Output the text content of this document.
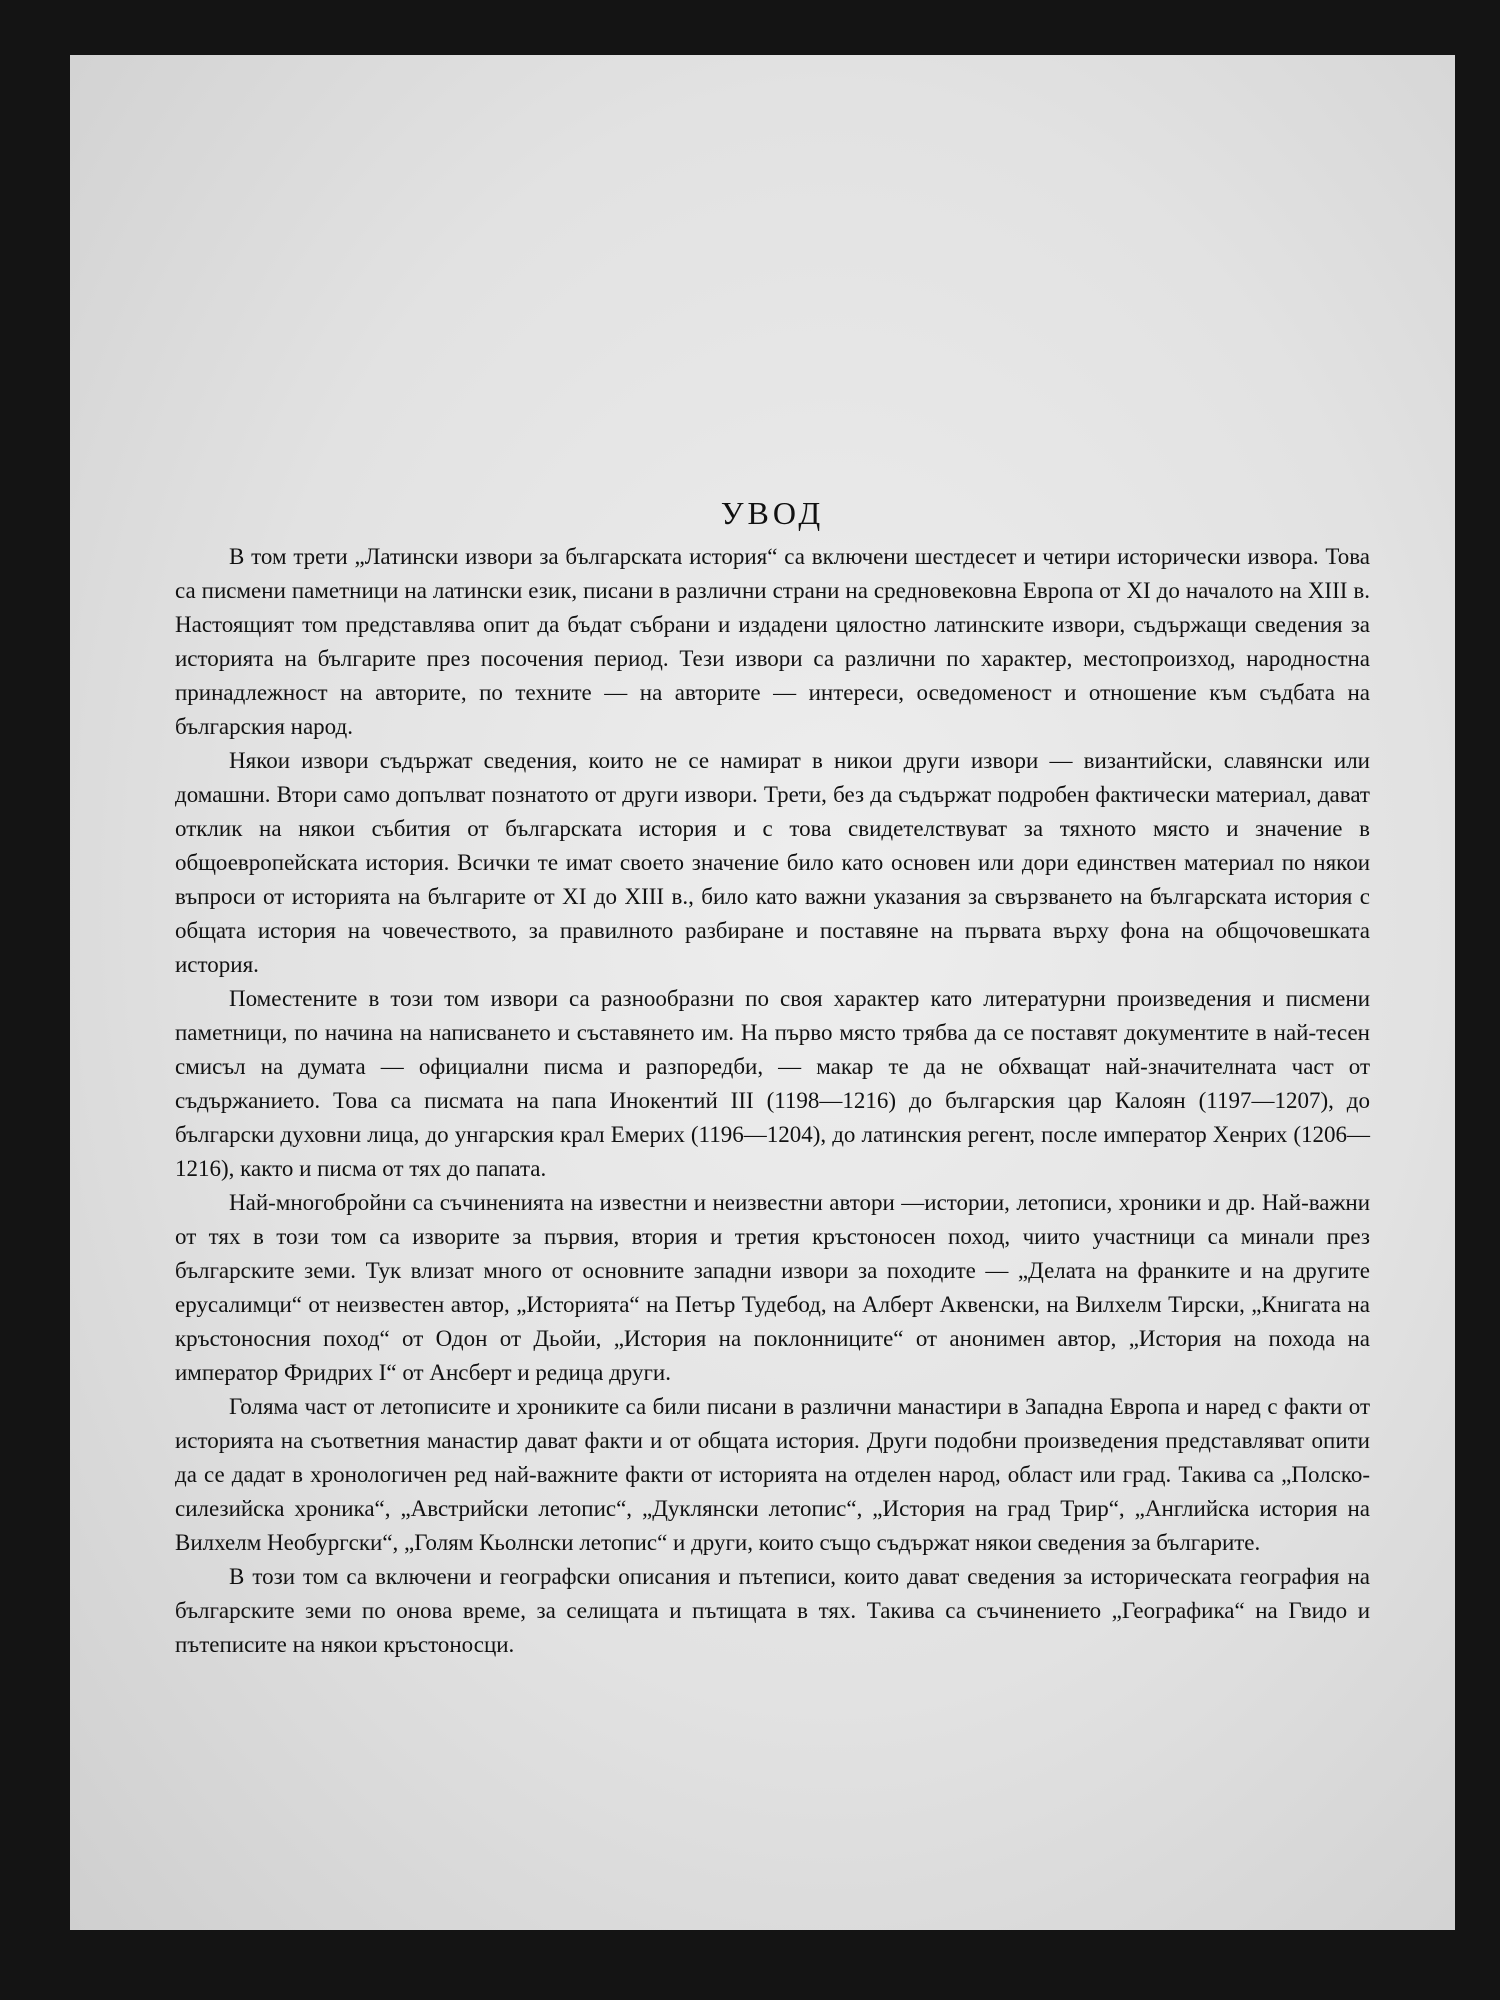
УВОД

В том трети „Латински извори за българската история“ са включени шестдесет и четири исторически извора. Това са писмени паметници на латински език, писани в различни страни на средновековна Европа от XI до началото на XIII в. Настоящият том представлява опит да бъдат събрани и издадени цялостно латинските извори, съдържащи сведения за историята на българите през посочения период. Тези извори са различни по характер, местопроизход, народностна принадлежност на авторите, по техните — на авторите — интереси, осведоменост и отношение към съдбата на българския народ.

Някои извори съдържат сведения, които не се намират в никои други извори — византийски, славянски или домашни. Втори само допълват познатото от други извори. Трети, без да съдържат подробен фактически материал, дават отклик на някои събития от българската история и с това свидетелствуват за тяхното място и значение в общоевропейската история. Всички те имат своето значение било като основен или дори единствен материал по някои въпроси от историята на българите от XI до XIII в., било като важни указания за свързването на българската история с общата история на човечеството, за правилното разбиране и поставяне на първата върху фона на общочовешката история.

Поместените в този том извори са разнообразни по своя характер като литературни произведения и писмени паметници, по начина на написването и съставянето им. На първо място трябва да се поставят документите в най-тесен смисъл на думата — официални писма и разпоредби, — макар те да не обхващат най-значителната част от съдържанието. Това са писмата на папа Инокентий III (1198—1216) до българския цар Калоян (1197—1207), до български духовни лица, до унгарския крал Емерих (1196—1204), до латинския регент, после император Хенрих (1206—1216), както и писма от тях до папата.

Най-многобройни са съчиненията на известни и неизвестни автори —истории, летописи, хроники и др. Най-важни от тях в този том са изворите за първия, втория и третия кръстоносен поход, чиито участници са минали през българските земи. Тук влизат много от основните западни извори за походите — „Делата на франките и на другите ерусалимци“ от неизвестен автор, „Историята“ на Петър Тудебод, на Алберт Аквенски, на Вилхелм Тирски, „Книгата на кръстоносния поход“ от Одон от Дьойи, „История на поклонниците“ от анонимен автор, „История на похода на император Фридрих I“ от Ансберт и редица други.

Голяма част от летописите и хрониките са били писани в различни манастири в Западна Европа и наред с факти от историята на съответния манастир дават факти и от общата история. Други подобни произведения представляват опити да се дадат в хронологичен ред най-важните факти от историята на отделен народ, област или град. Такива са „Полско-силезийска хроника“, „Австрийски летопис“, „Дуклянски летопис“, „История на град Трир“, „Английска история на Вилхелм Необургски“, „Голям Кьолнски летопис“ и други, които също съдържат някои сведения за българите.

В този том са включени и географски описания и пътеписи, които дават сведения за историческата география на българските земи по онова време, за селищата и пътищата в тях. Такива са съчинението „Географика“ на Гвидо и пътеписите на някои кръстоносци.
